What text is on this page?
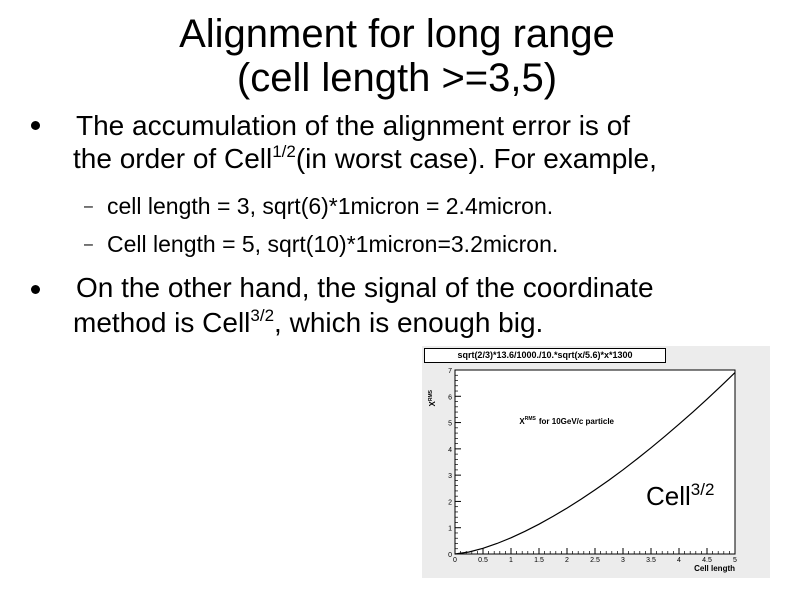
Alignment for long range
(cell length >=3,5)
The accumulation of the alignment error is of
the order of Cell$^{1/2}$(in worst case). For example,
– cell length = 3, sqrt(6)*1micron = 2.4micron.
– Cell length = 5, sqrt(10)*1micron=3.2micron.
On the other hand, the signal of the coordinate
method is Cell$^{3/2}$, which is enough big.
0
1
2
3
4
5
6
7
0	0.5	1	1.5	2	2.5	3	3.5	4	4.5	5
Cell length
$X^{RMS}$
$X^{RMS}$ for 10GeV/c particle
sqrt(2/3)*13.6/1000./10.*sqrt(x/5.6)*x*1300
Cell$^{3/2}$
